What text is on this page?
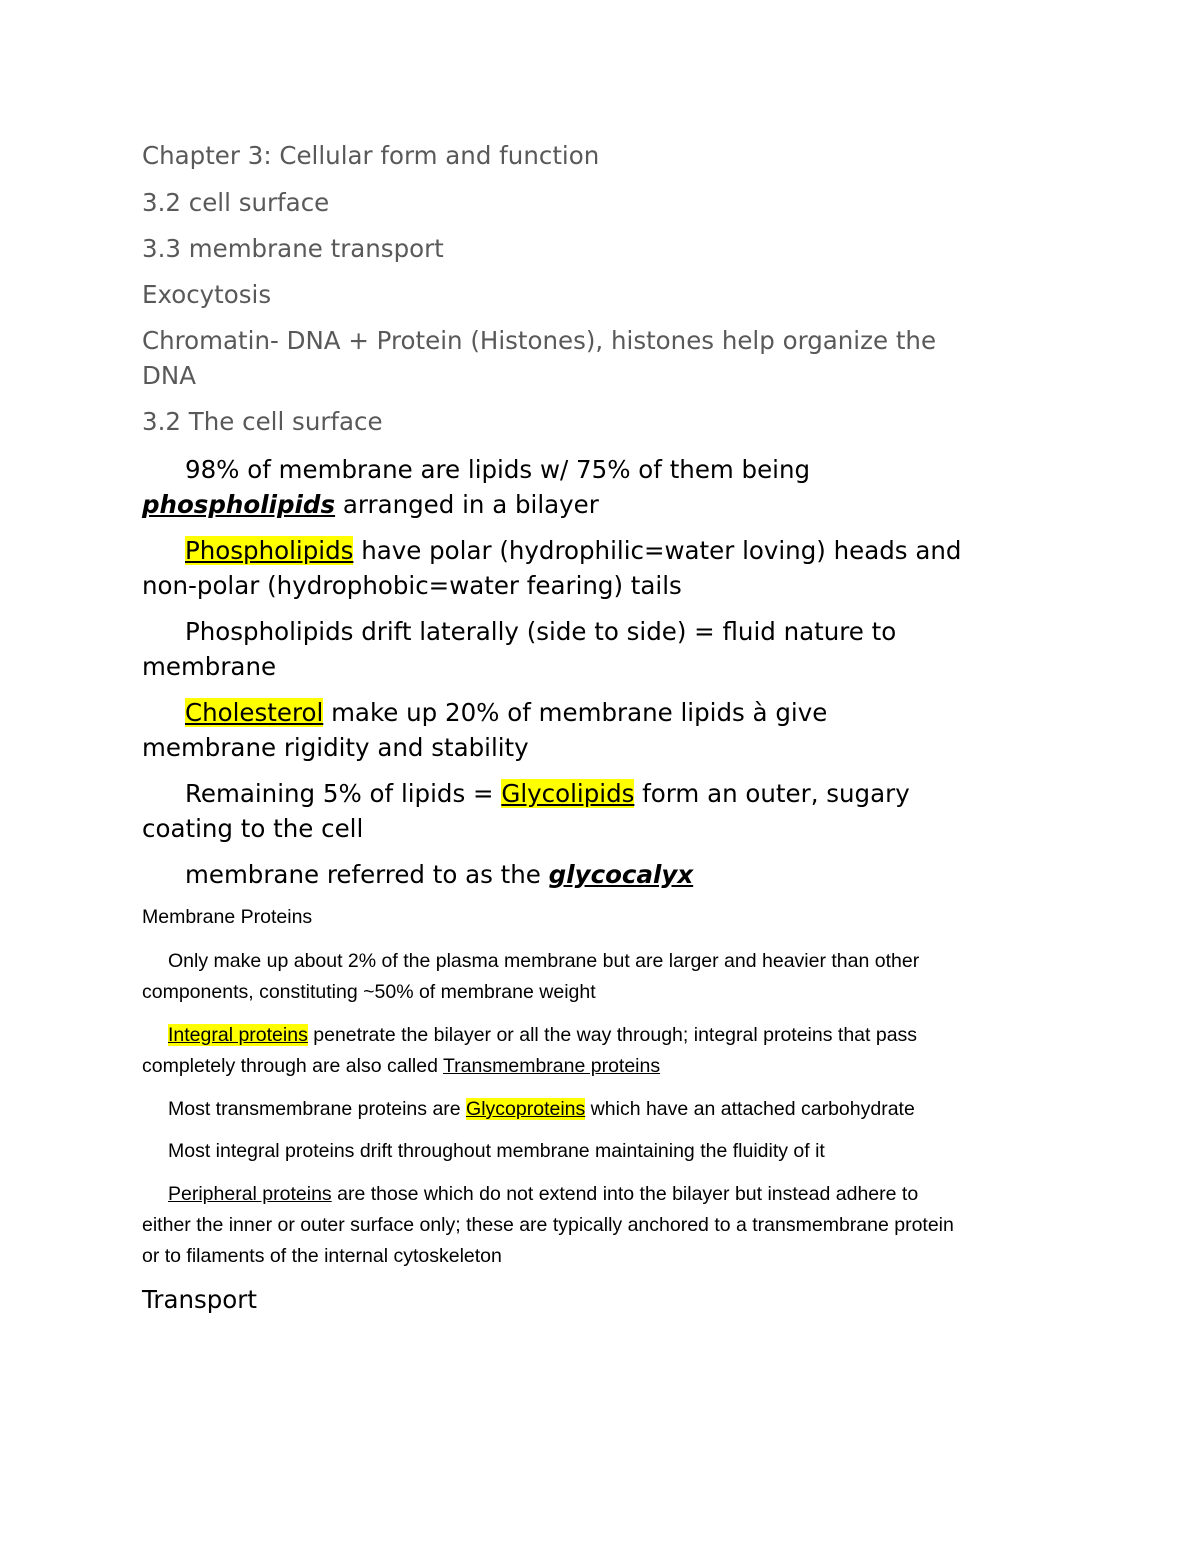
Chapter 3: Cellular form and function

3.2 cell surface

3.3 membrane transport

Exocytosis

Chromatin- DNA + Protein (Histones), histones help organize the

DNA

3.2 The cell surface

98% of membrane are lipids w/ 75% of them being
phospholipids arranged in a bilayer
Phospholipids have polar (hydrophilic=water loving) heads and
non-polar (hydrophobic=water fearing) tails
Phospholipids drift laterally (side to side) = fluid nature to
membrane
Cholesterol make up 20% of membrane lipids à give
membrane rigidity and stability
Remaining 5% of lipids = Glycolipids form an outer, sugary
coating to the cell
membrane referred to as the glycocalyx

Membrane Proteins

Only make up about 2% of the plasma membrane but are larger and heavier than other
components, constituting ~50% of membrane weight
Integral proteins penetrate the bilayer or all the way through; integral proteins that pass
completely through are also called Transmembrane proteins
Most transmembrane proteins are Glycoproteins which have an attached carbohydrate
Most integral proteins drift throughout membrane maintaining the fluidity of it
Peripheral proteins are those which do not extend into the bilayer but instead adhere to
either the inner or outer surface only; these are typically anchored to a transmembrane protein
or to filaments of the internal cytoskeleton

Transport
